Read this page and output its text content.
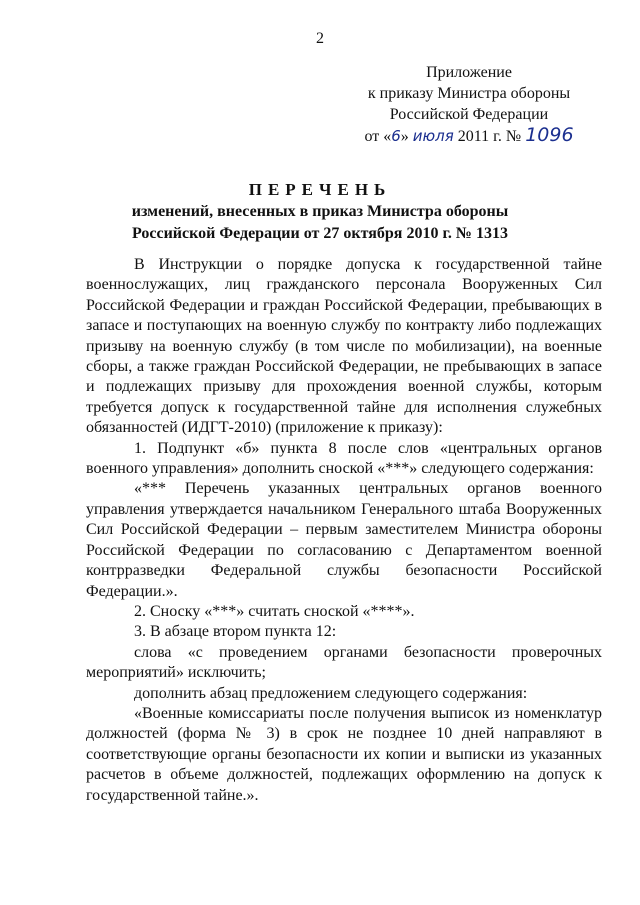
2
Приложение
к приказу Министра обороны
Российской Федерации
от «6» июля 2011 г. № 1096
ПЕРЕЧЕНЬ
изменений, внесенных в приказ Министра обороны
Российской Федерации от 27 октября 2010 г. № 1313

В Инструкции о порядке допуска к государственной тайне военнослужащих, лиц гражданского персонала Вооруженных Сил Российской Федерации и граждан Российской Федерации, пребывающих в запасе и поступающих на военную службу по контракту либо подлежащих призыву на военную службу (в том числе по мобилизации), на военные сборы, а также граждан Российской Федерации, не пребывающих в запасе и подлежащих призыву для прохождения военной службы, которым требуется допуск к государственной тайне для исполнения служебных обязанностей (ИДГТ-2010) (приложение к приказу):

1. Подпункт «б» пункта 8 после слов «центральных органов военного управления» дополнить сноской «***» следующего содержания:

«*** Перечень указанных центральных органов военного управления утверждается начальником Генерального штаба Вооруженных Сил Российской Федерации – первым заместителем Министра обороны Российской Федерации по согласованию с Департаментом военной контрразведки Федеральной службы безопасности Российской Федерации.».

2. Сноску «***» считать сноской «****».

3. В абзаце втором пункта 12:

слова «с проведением органами безопасности проверочных мероприятий» исключить;

дополнить абзац предложением следующего содержания:

«Военные комиссариаты после получения выписок из номенклатур должностей (форма № 3) в срок не позднее 10 дней направляют в соответствующие органы безопасности их копии и выписки из указанных расчетов в объеме должностей, подлежащих оформлению на допуск к государственной тайне.».
